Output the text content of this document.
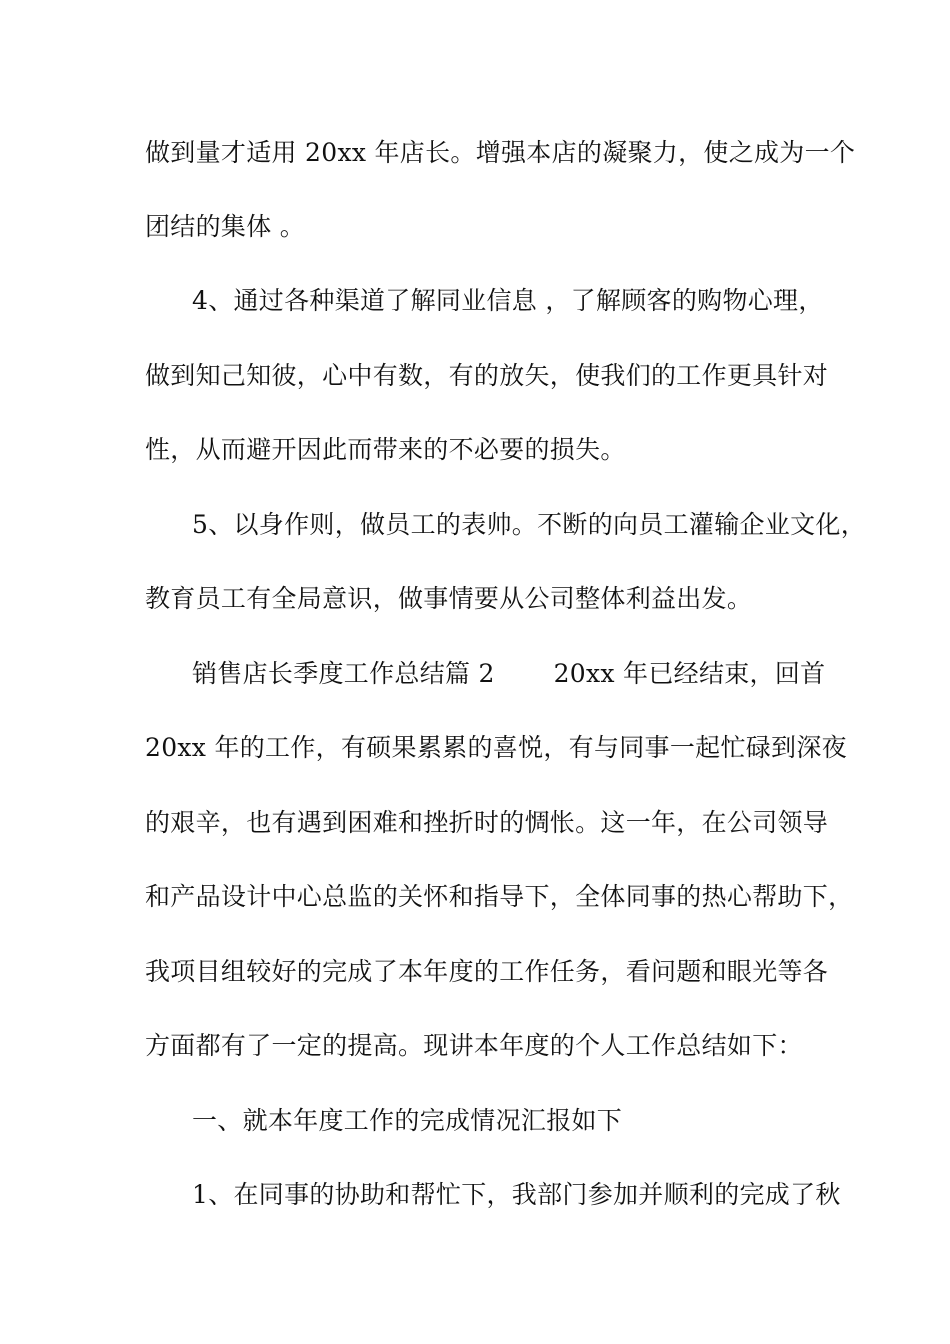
做到量才适用 20xx 年店长。增强本店的凝聚力，使之成为一个
团结的集体 。
4、通过各种渠道了解同业信息 ，了解顾客的购物心理，
做到知己知彼，心中有数，有的放矢，使我们的工作更具针对
性，从而避开因此而带来的不必要的损失。
5、以身作则，做员工的表帅。不断的向员工灌输企业文化，
教育员工有全局意识，做事情要从公司整体利益出发。
销售店长季度工作总结篇 2　　 20xx 年已经结束，回首
20xx 年的工作，有硕果累累的喜悦，有与同事一起忙碌到深夜
的艰辛，也有遇到困难和挫折时的惆怅。这一年，在公司领导
和产品设计中心总监的关怀和指导下，全体同事的热心帮助下，
我项目组较好的完成了本年度的工作任务，看问题和眼光等各
方面都有了一定的提高。现讲本年度的个人工作总结如下：
一、就本年度工作的完成情况汇报如下
1、在同事的协助和帮忙下，我部门参加并顺利的完成了秋
